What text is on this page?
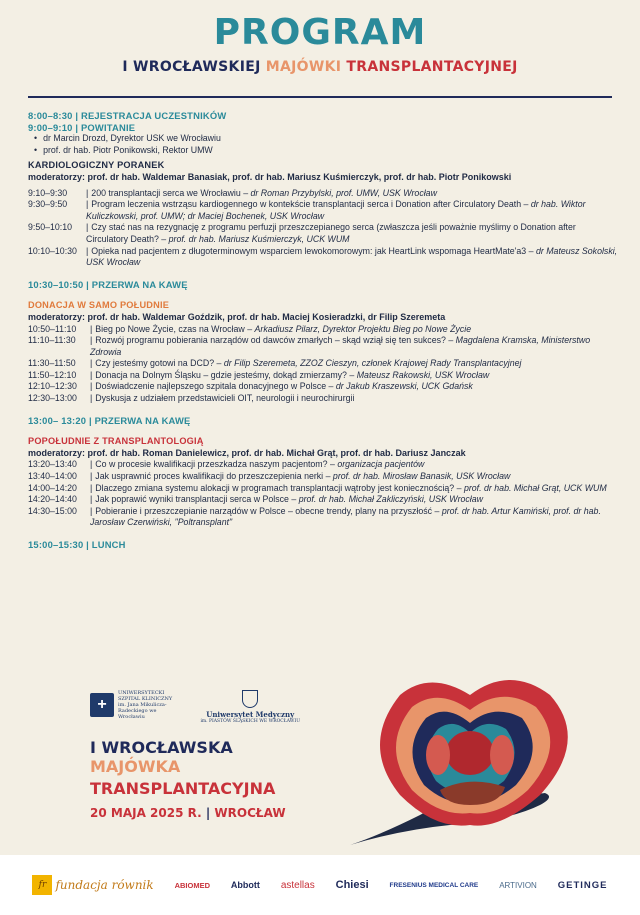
PROGRAM
I WROCŁAWSKIEJ MAJÓWKI TRANSPLANTACYJNEJ
8:00–8:30 | REJESTRACJA UCZESTNIKÓW
9:00–9:10 | POWITANIE
• dr Marcin Drozd, Dyrektor USK we Wrocławiu
• prof. dr hab. Piotr Ponikowski, Rektor UMW
KARDIOLOGICZNY PORANEK
moderatorzy: prof. dr hab. Waldemar Banasiak, prof. dr hab. Mariusz Kuśmierczyk, prof. dr hab. Piotr Ponikowski
9:10–9:30	| 200 transplantacji serca we Wrocławiu – dr Roman Przybylski, prof. UMW, USK Wrocław
9:30–9:50	| Program leczenia wstrząsu kardiogennego w kontekście transplantacji serca i Donation after Circulatory Death – dr hab. Wiktor Kuliczkowski, prof. UMW; dr Maciej Bochenek, USK Wrocław
9:50–10:10	| Czy stać nas na rezygnację z programu perfuzji przeszczepianego serca (zwłaszcza jeśli poważnie myślimy o Donation after Circulatory Death? – prof. dr hab. Mariusz Kuśmierczyk, UCK WUM
10:10–10:30	| Opieka nad pacjentem z długoterminowym wsparciem lewokomorowym: jak HeartLink wspomaga HeartMate'a3 – dr Mateusz Sokolski, USK Wrocław
10:30–10:50 | PRZERWA NA KAWĘ
DONACJA W SAMO POŁUDNIE
moderatorzy: prof. dr hab. Waldemar Goździk, prof. dr hab. Maciej Kosieradzki, dr Filip Szeremeta
10:50–11:10	| Bieg po Nowe Życie, czas na Wrocław – Arkadiusz Pilarz, Dyrektor Projektu Bieg po Nowe Życie
11:10–11:30	| Rozwój programu pobierania narządów od dawców zmarłych – skąd wziął się ten sukces? – Magdalena Kramska, Ministerstwo Zdrowia
11:30–11:50	| Czy jesteśmy gotowi na DCD? – dr Filip Szeremeta, ZZOZ Cieszyn, członek Krajowej Rady Transplantacyjnej
11:50–12:10	| Donacja na Dolnym Śląsku – gdzie jesteśmy, dokąd zmierzamy? – Mateusz Rakowski, USK Wrocław
12:10–12:30	| Doświadczenie najlepszego szpitala donacyjnego w Polsce – dr Jakub Kraszewski, UCK Gdańsk
12:30–13:00	| Dyskusja z udziałem przedstawicieli OIT, neurologii i neurochirurgii
13:00– 13:20 | PRZERWA NA KAWĘ
POPOŁUDNIE Z TRANSPLANTOLOGIĄ
moderatorzy: prof. dr hab. Roman Danielewicz, prof. dr hab. Michał Grąt, prof. dr hab. Dariusz Janczak
13:20–13:40	| Co w procesie kwalifikacji przeszkadza naszym pacjentom? – organizacja pacjentów
13:40–14:00	| Jak usprawnić proces kwalifikacji do przeszczepienia nerki – prof. dr hab. Mirosław Banasik, USK Wrocław
14:00–14:20	| Dlaczego zmiana systemu alokacji w programach transplantacji wątroby jest koniecznością? – prof. dr hab. Michał Grąt, UCK WUM
14:20–14:40	| Jak poprawić wyniki transplantacji serca w Polsce – prof. dr hab. Michał Zakliczyński, USK Wrocław
14:30–15:00	| Pobieranie i przeszczepianie narządów w Polsce – obecne trendy, plany na przyszłość – prof. dr hab. Artur Kamiński, prof. dr hab. Jarosław Czerwiński, "Poltransplant"
15:00–15:30 | LUNCH
+
UNIWERSYTECKI SZPITAL KLINICZNY im. Jana Mikulicza-Radeckiego we Wrocławiu	Uniwersytet Medyczny
im. PIASTÓW ŚLĄSKICH WE WROCŁAWIU
I WROCŁAWSKA MAJÓWKA
TRANSPLANTACYJNA
20 MAJA 2025 R. | WROCŁAW
fr fundacja równik	ABIOMED Abbott astellas Chiesi	FRESENIUS MEDICAL CARE	ARTIVION GETINGE
